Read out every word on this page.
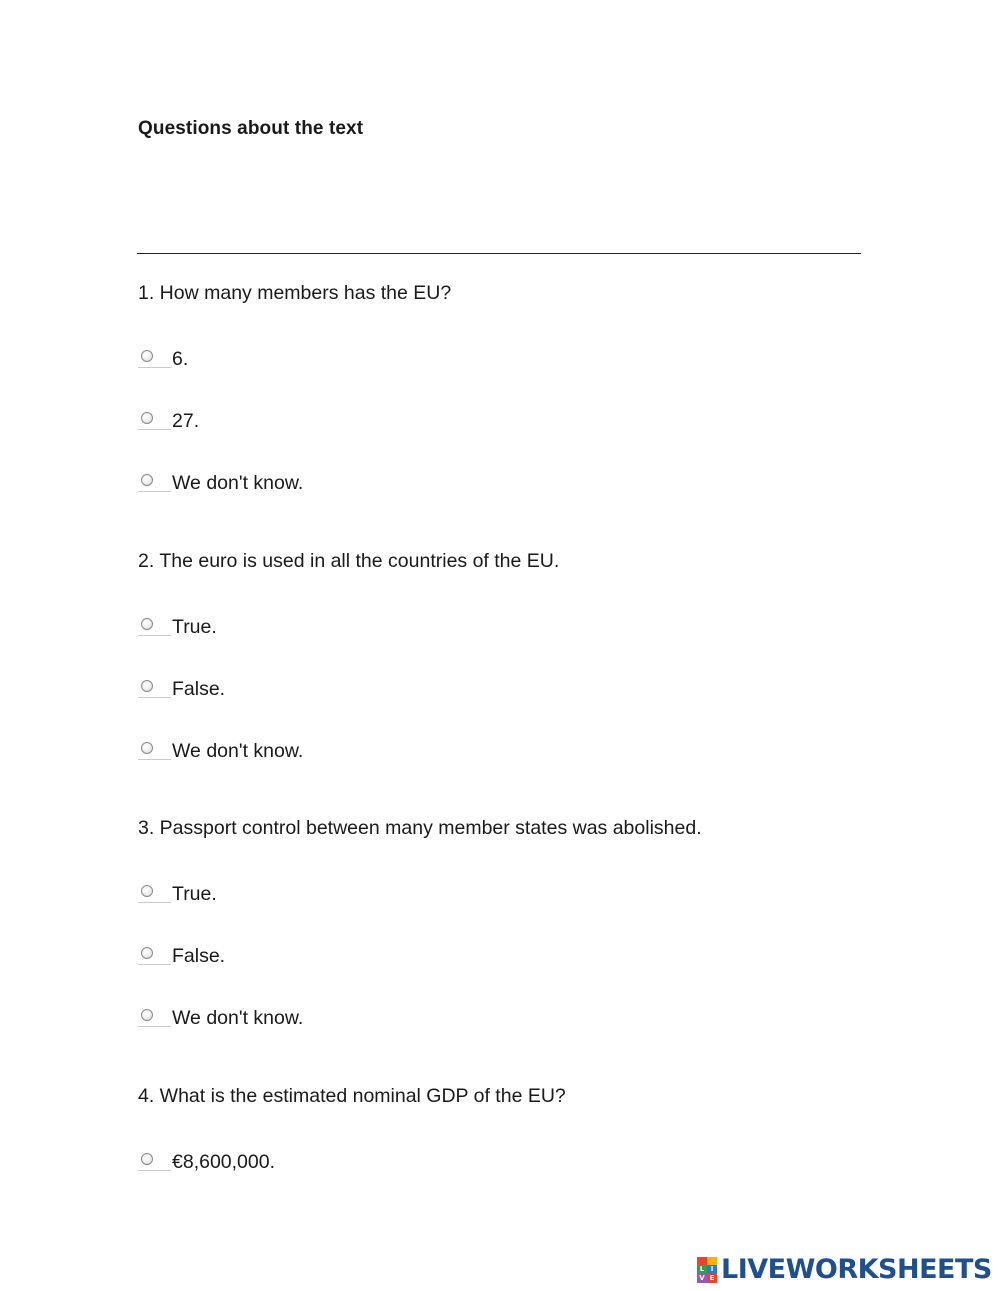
Questions about the text
1. How many members has the EU?
6.
27.
We don't know.
2. The euro is used in all the countries of the EU.
True.
False.
We don't know.
3. Passport control between many member states was abolished.
True.
False.
We don't know.
4. What is the estimated nominal GDP of the EU?
€8,600,000.
L I
V E LIVEWORKSHEETS
